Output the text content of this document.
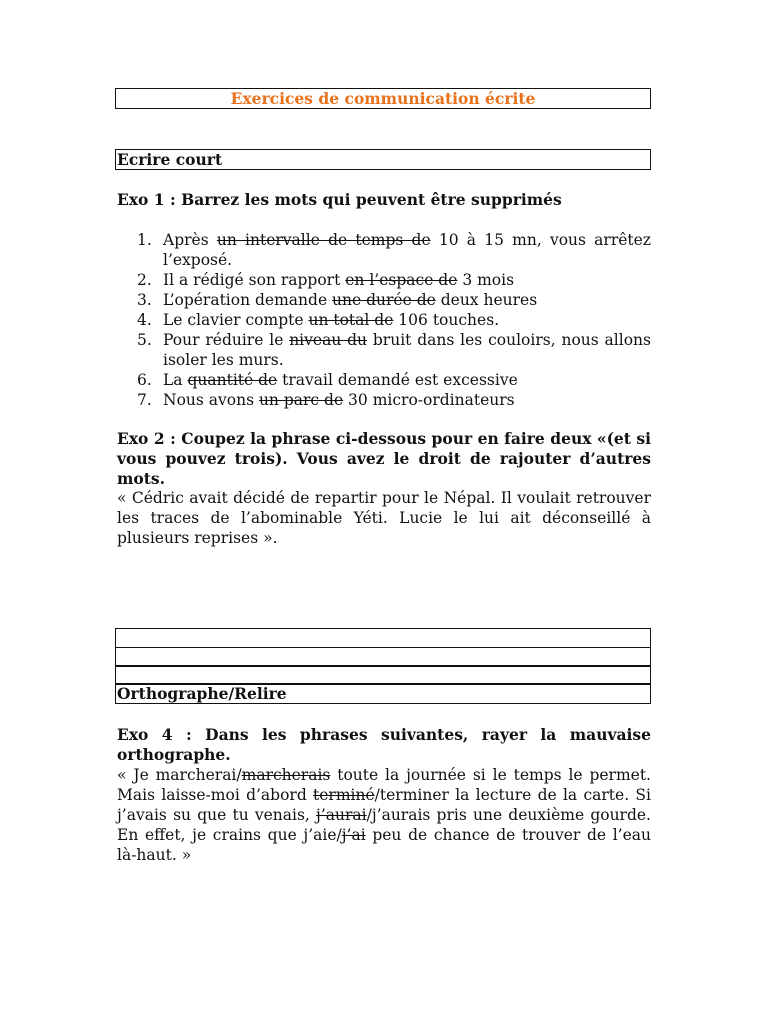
Exercices de communication écrite
Ecrire court
Exo 1 : Barrez les mots qui peuvent être supprimés
1. Après un intervalle de temps de 10 à 15 mn, vous arrêtez l’exposé.
2. Il a rédigé son rapport en l’espace de 3 mois
3. L’opération demande une durée de deux heures
4. Le clavier compte un total de 106 touches.
5. Pour réduire le niveau du bruit dans les couloirs, nous allons isoler les murs.
6. La quantité de travail demandé est excessive
7. Nous avons un parc de 30 micro-ordinateurs
Exo 2 : Coupez la phrase ci-dessous pour en faire deux «(et si vous pouvez trois). Vous avez le droit de rajouter d’autres mots.
« Cédric avait décidé de repartir pour le Népal. Il voulait retrouver les traces de l’abominable Yéti. Lucie le lui ait déconseillé à plusieurs reprises ».
Orthographe/Relire
Exo 4 : Dans les phrases suivantes, rayer la mauvaise orthographe.
« Je marcherai/marcherais toute la journée si le temps le permet. Mais laisse-moi d’abord terminé/terminer la lecture de la carte. Si j’avais su que tu venais, j’aurai/j’aurais pris une deuxième gourde. En effet, je crains que j’aie/j’ai peu de chance de trouver de l’eau là-haut. »
